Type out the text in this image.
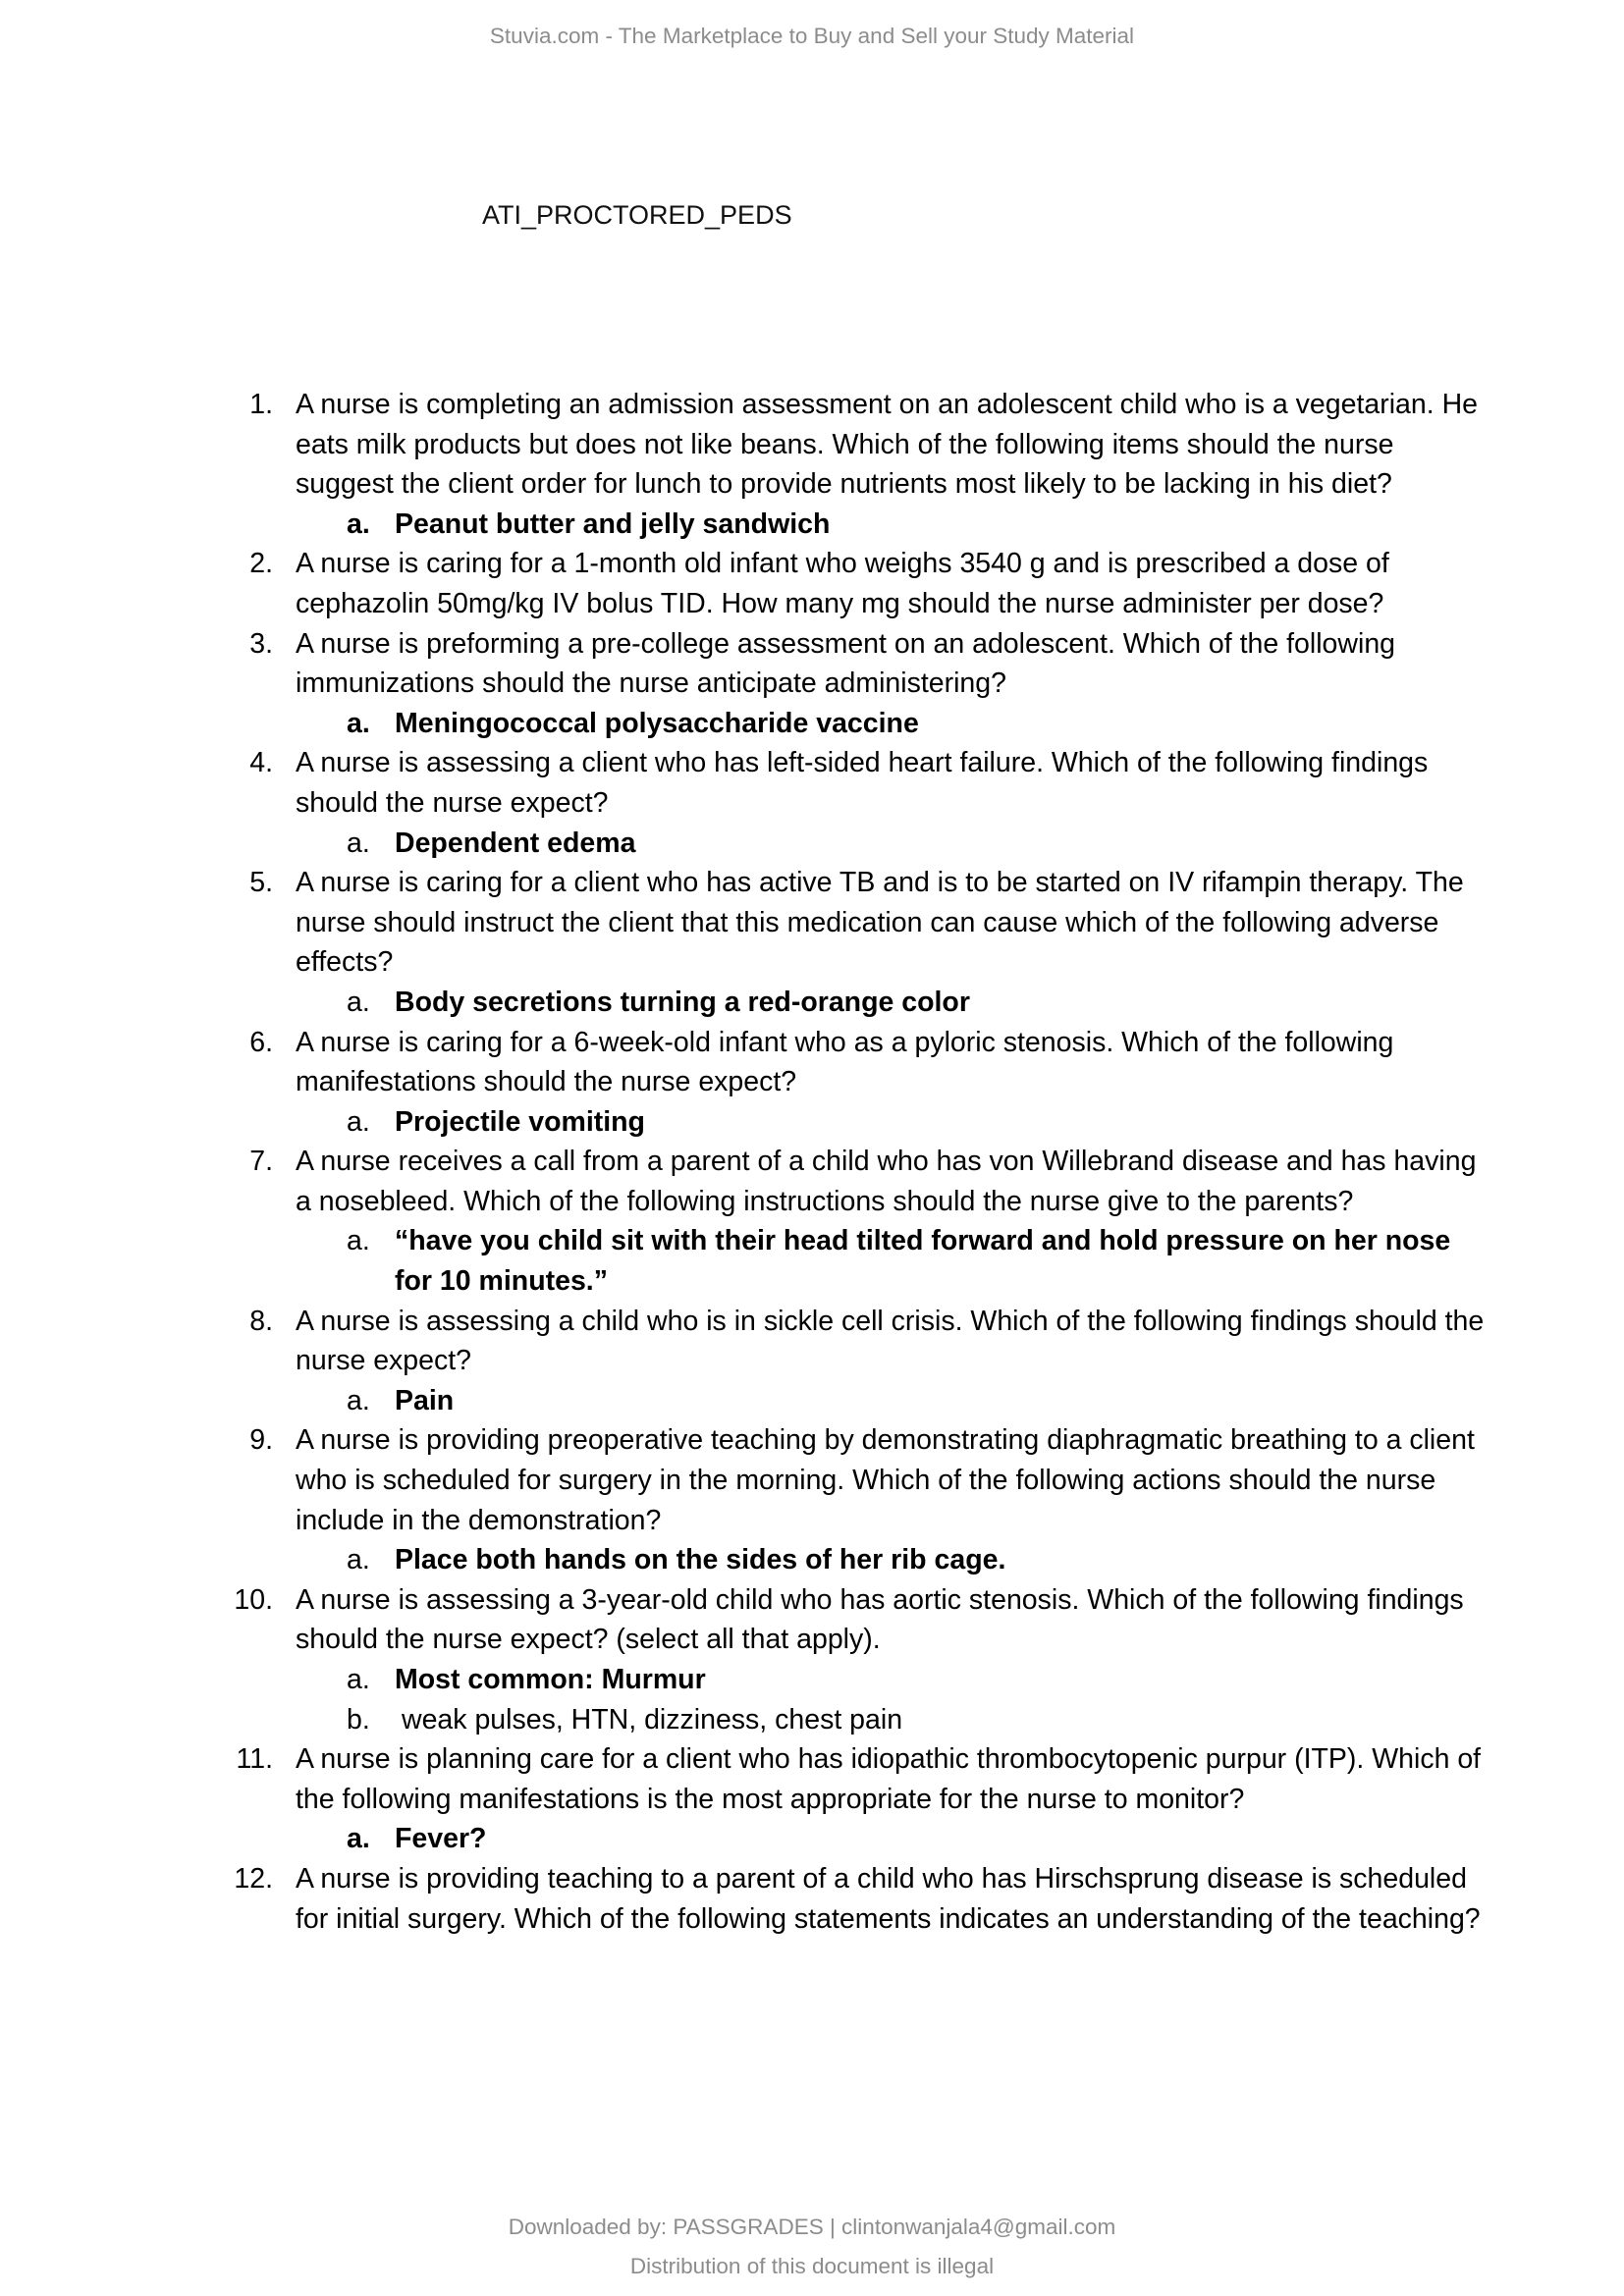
Stuvia.com - The Marketplace to Buy and Sell your Study Material
ATI_PROCTORED_PEDS
1. A nurse is completing an admission assessment on an adolescent child who is a vegetarian. He eats milk products but does not like beans. Which of the following items should the nurse suggest the client order for lunch to provide nutrients most likely to be lacking in his diet?
a. Peanut butter and jelly sandwich
2. A nurse is caring for a 1-month old infant who weighs 3540 g and is prescribed a dose of cephazolin 50mg/kg IV bolus TID. How many mg should the nurse administer per dose?
3. A nurse is preforming a pre-college assessment on an adolescent. Which of the following immunizations should the nurse anticipate administering?
a. Meningococcal polysaccharide vaccine
4. A nurse is assessing a client who has left-sided heart failure. Which of the following findings should the nurse expect?
a. Dependent edema
5. A nurse is caring for a client who has active TB and is to be started on IV rifampin therapy. The nurse should instruct the client that this medication can cause which of the following adverse effects?
a. Body secretions turning a red-orange color
6. A nurse is caring for a 6-week-old infant who as a pyloric stenosis. Which of the following manifestations should the nurse expect?
a. Projectile vomiting
7. A nurse receives a call from a parent of a child who has von Willebrand disease and has having a nosebleed. Which of the following instructions should the nurse give to the parents?
a. “have you child sit with their head tilted forward and hold pressure on her nose for 10 minutes.”
8. A nurse is assessing a child who is in sickle cell crisis. Which of the following findings should the nurse expect?
a. Pain
9. A nurse is providing preoperative teaching by demonstrating diaphragmatic breathing to a client who is scheduled for surgery in the morning. Which of the following actions should the nurse include in the demonstration?
a. Place both hands on the sides of her rib cage.
10. A nurse is assessing a 3-year-old child who has aortic stenosis. Which of the following findings should the nurse expect? (select all that apply).
a. Most common: Murmur
b. weak pulses, HTN, dizziness, chest pain
11. A nurse is planning care for a client who has idiopathic thrombocytopenic purpur (ITP). Which of the following manifestations is the most appropriate for the nurse to monitor?
a. Fever?
12. A nurse is providing teaching to a parent of a child who has Hirschsprung disease is scheduled for initial surgery. Which of the following statements indicates an understanding of the teaching?
Downloaded by: PASSGRADES | clintonwanjala4@gmail.com
Distribution of this document is illegal
